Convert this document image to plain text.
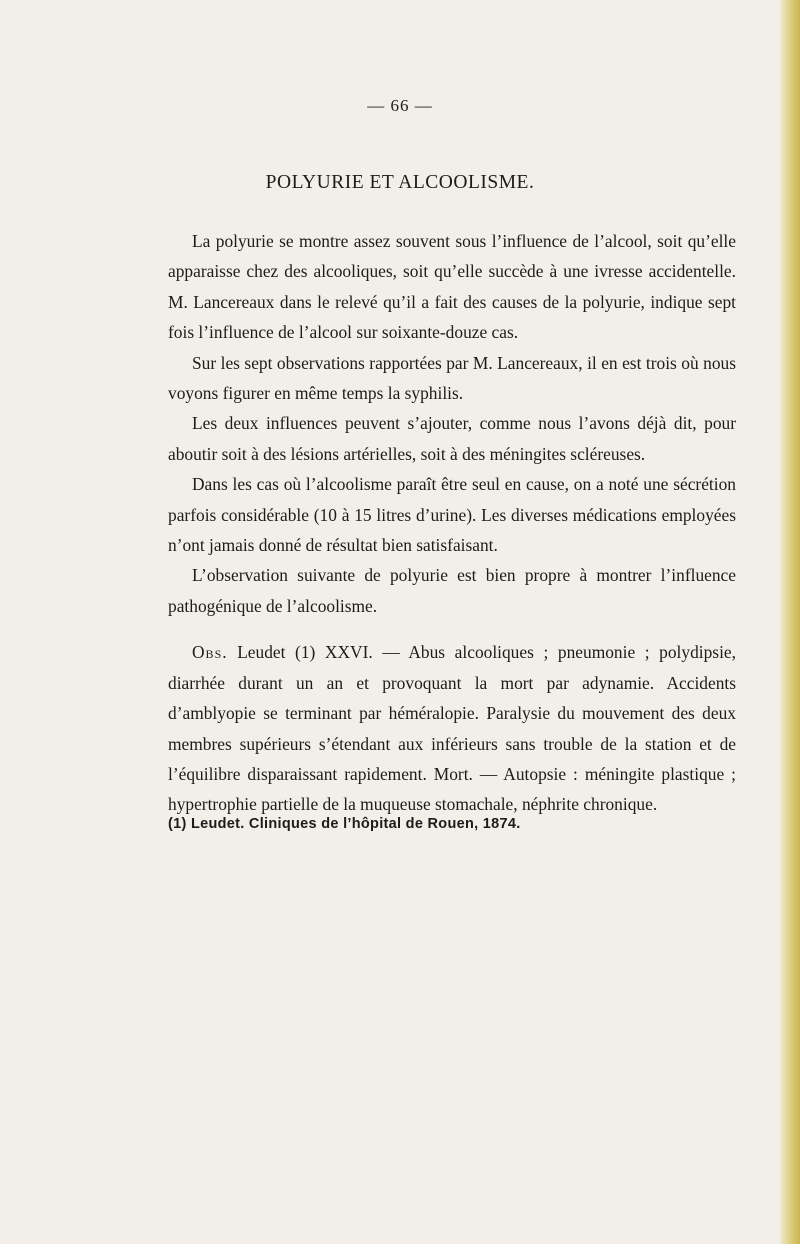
— 66 —
POLYURIE ET ALCOOLISME.

La polyurie se montre assez souvent sous l’influence de l’alcool, soit qu’elle apparaisse chez des alcooliques, soit qu’elle succède à une ivresse accidentelle. M. Lancereaux dans le relevé qu’il a fait des causes de la polyurie, indique sept fois l’influence de l’alcool sur soixante-douze cas.

Sur les sept observations rapportées par M. Lancereaux, il en est trois où nous voyons figurer en même temps la syphilis.

Les deux influences peuvent s’ajouter, comme nous l’avons déjà dit, pour aboutir soit à des lésions artérielles, soit à des méningites scléreuses.

Dans les cas où l’alcoolisme paraît être seul en cause, on a noté une sécrétion parfois considérable (10 à 15 litres d’urine). Les diverses médications employées n’ont jamais donné de résultat bien satisfaisant.

L’observation suivante de polyurie est bien propre à montrer l’influence pathogénique de l’alcoolisme.

Obs. Leudet (1) XXVI. — Abus alcooliques ; pneumonie ; polydipsie, diarrhée durant un an et provoquant la mort par adynamie. Accidents d’amblyopie se terminant par héméralopie. Paralysie du mouvement des deux membres supérieurs s’étendant aux inférieurs sans trouble de la station et de l’équilibre disparaissant rapidement. Mort. — Autopsie : méningite plastique ; hypertrophie partielle de la muqueuse stomachale, néphrite chronique.

(1) Leudet. Cliniques de l’hôpital de Rouen, 1874.
